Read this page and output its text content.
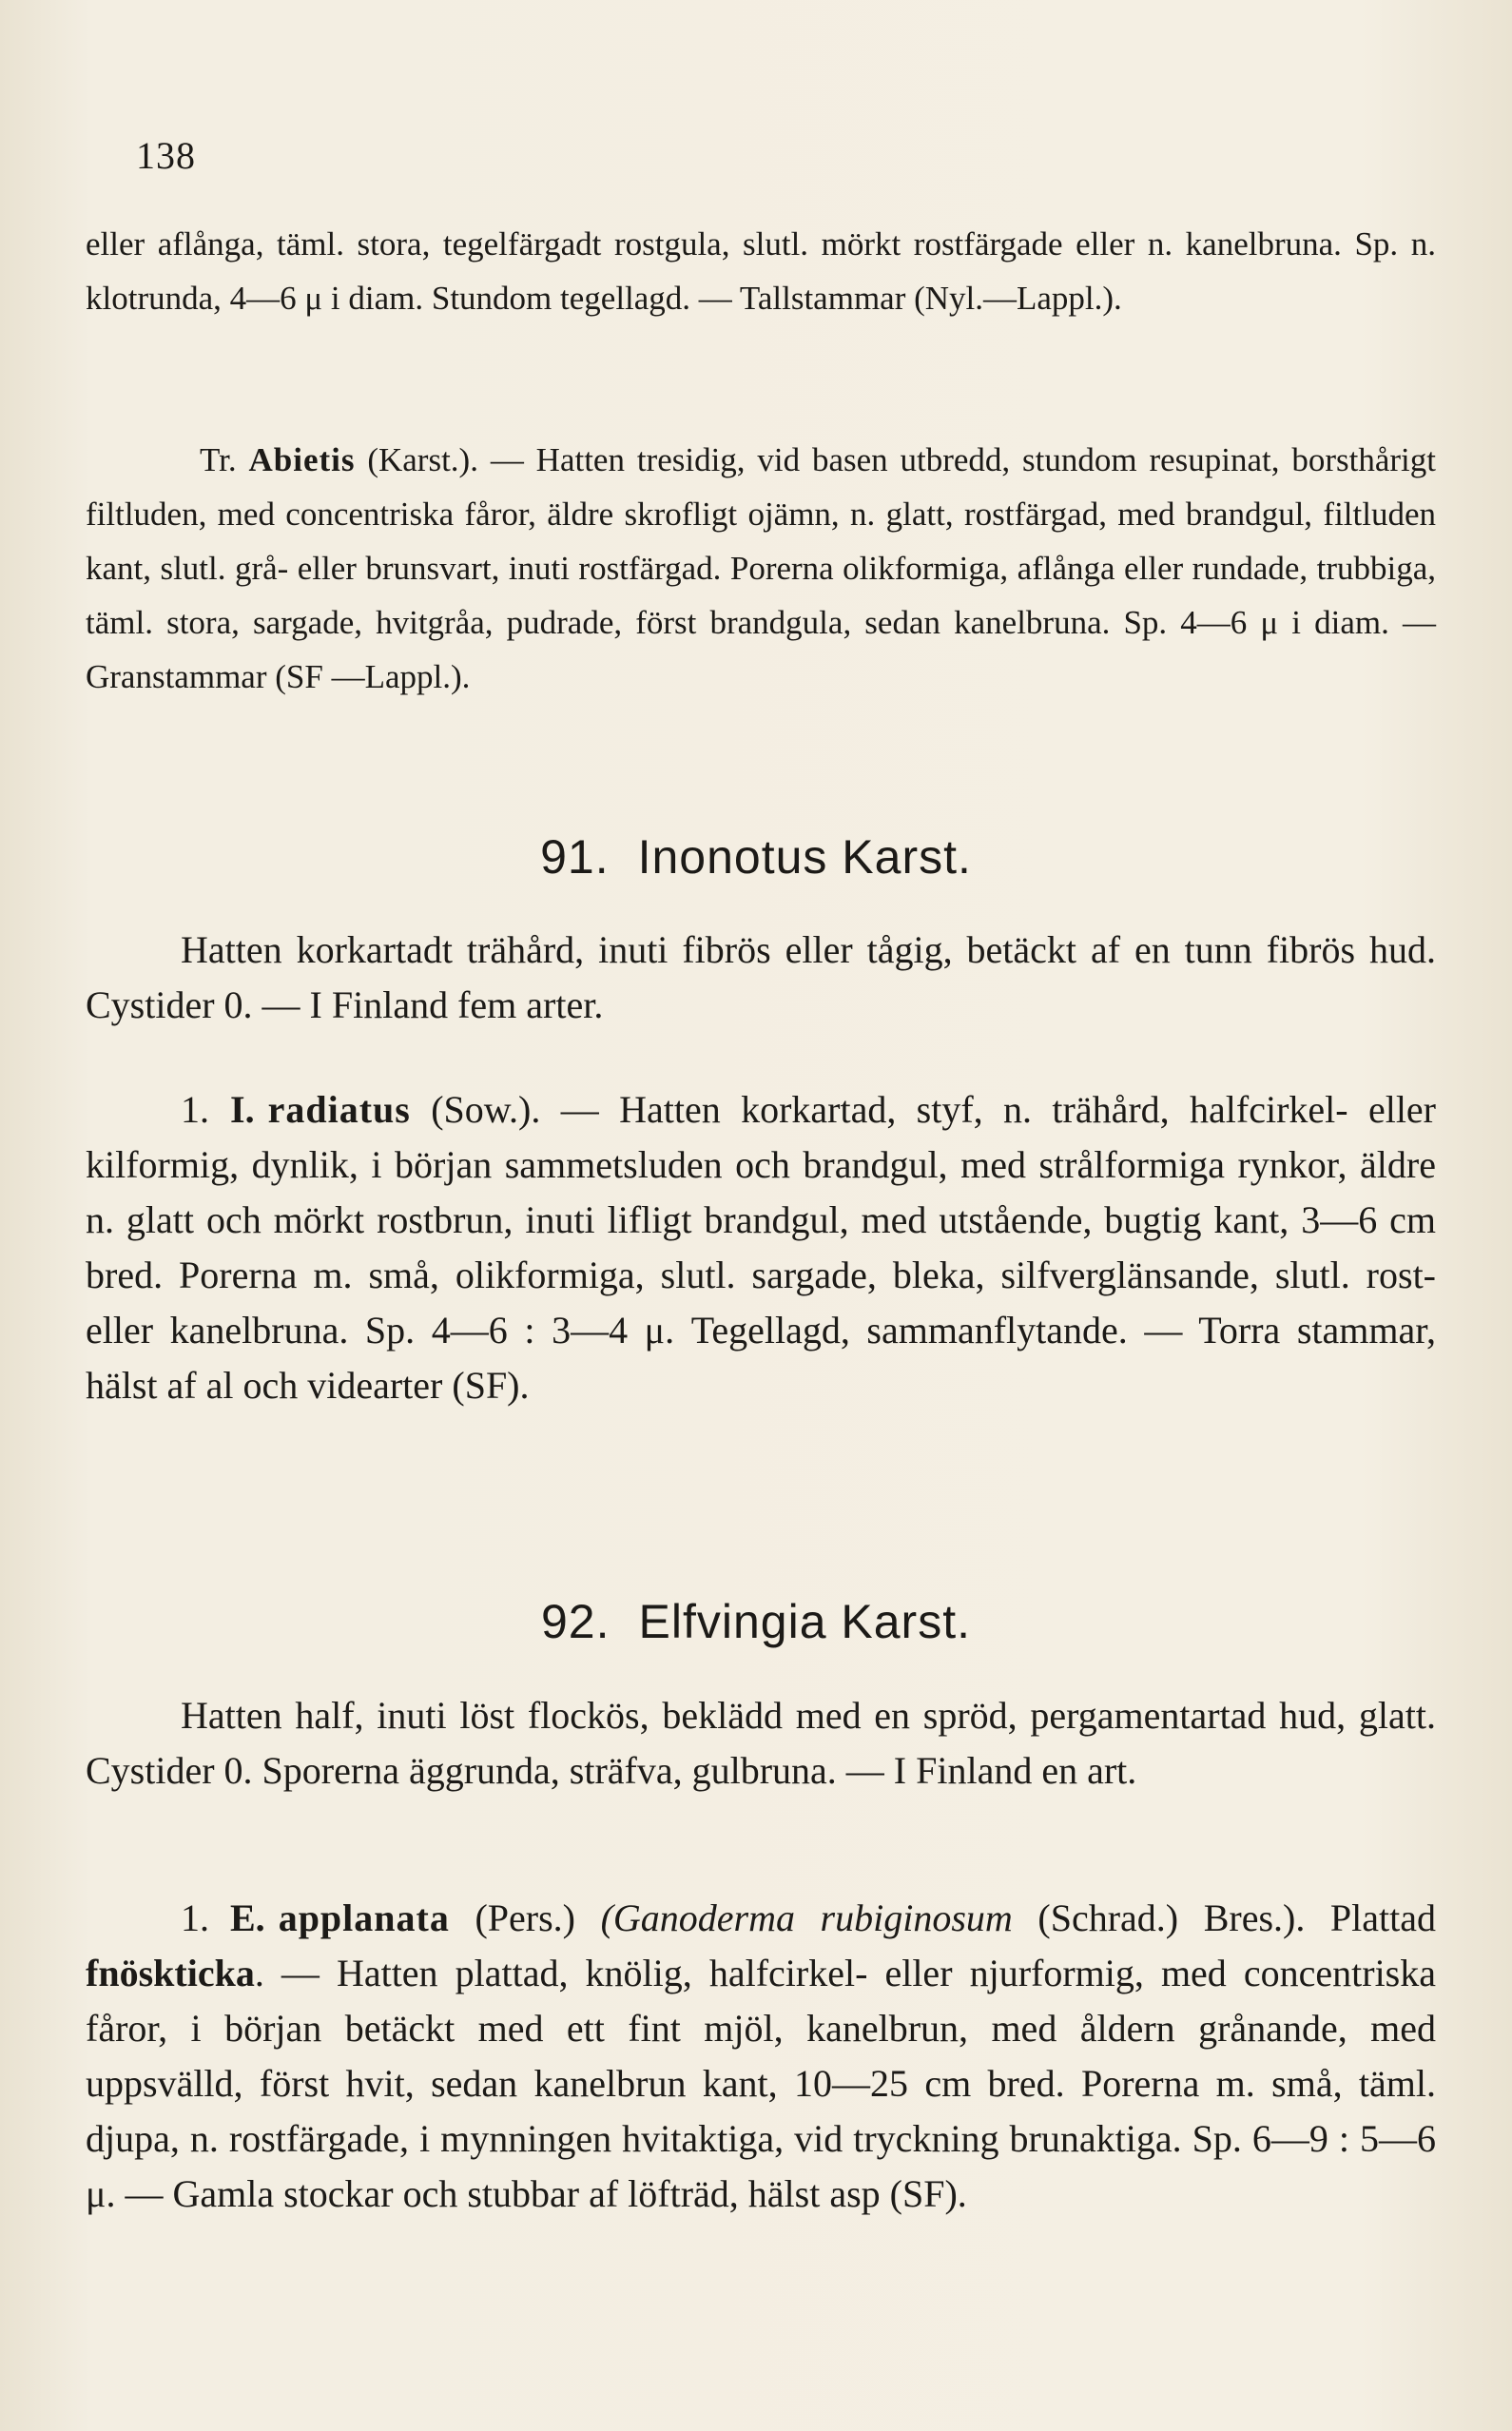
138

eller aflånga, täml. stora, tegelfärgadt rostgula, slutl. mörkt rostfärgade eller n. kanelbruna. Sp. n. klotrunda, 4—6 μ i diam. Stundom tegellagd. — Tallstammar (Nyl.—Lappl.).

Tr. Abietis (Karst.). — Hatten tresidig, vid basen utbredd, stundom resupinat, borsthårigt filtluden, med concentriska fåror, äldre skrofligt ojämn, n. glatt, rostfärgad, med brandgul, filtluden kant, slutl. grå- eller brunsvart, inuti rostfärgad. Porerna olikformiga, aflånga eller rundade, trubbiga, täml. stora, sargade, hvitgråa, pudrade, först brandgula, sedan kanelbruna. Sp. 4—6 μ i diam. — Granstammar (SF —Lappl.).

91. Inonotus Karst.

Hatten korkartadt trähård, inuti fibrös eller tågig, betäckt af en tunn fibrös hud. Cystider 0. — I Finland fem arter.

1. I. radiatus (Sow.). — Hatten korkartad, styf, n. trähård, halfcirkel- eller kilformig, dynlik, i början sammetsluden och brandgul, med strålformiga rynkor, äldre n. glatt och mörkt rostbrun, inuti lifligt brandgul, med utstående, bugtig kant, 3—6 cm bred. Porerna m. små, olikformiga, slutl. sargade, bleka, silfverglänsande, slutl. rost- eller kanelbruna. Sp. 4—6 : 3—4 μ. Tegellagd, sammanflytande. — Torra stammar, hälst af al och videarter (SF).

92. Elfvingia Karst.

Hatten half, inuti löst flockös, beklädd med en spröd, pergamentartad hud, glatt. Cystider 0. Sporerna äggrunda, sträfva, gulbruna. — I Finland en art.

1. E. applanata (Pers.) (Ganoderma rubiginosum (Schrad.) Bres.). Plattad fnöskticka. — Hatten plattad, knölig, halfcirkel- eller njurformig, med concentriska fåror, i början betäckt med ett fint mjöl, kanelbrun, med åldern grånande, med uppsvälld, först hvit, sedan kanelbrun kant, 10—25 cm bred. Porerna m. små, täml. djupa, n. rostfärgade, i mynningen hvitaktiga, vid tryckning brunaktiga. Sp. 6—9 : 5—6 μ. — Gamla stockar och stubbar af löfträd, hälst asp (SF).
